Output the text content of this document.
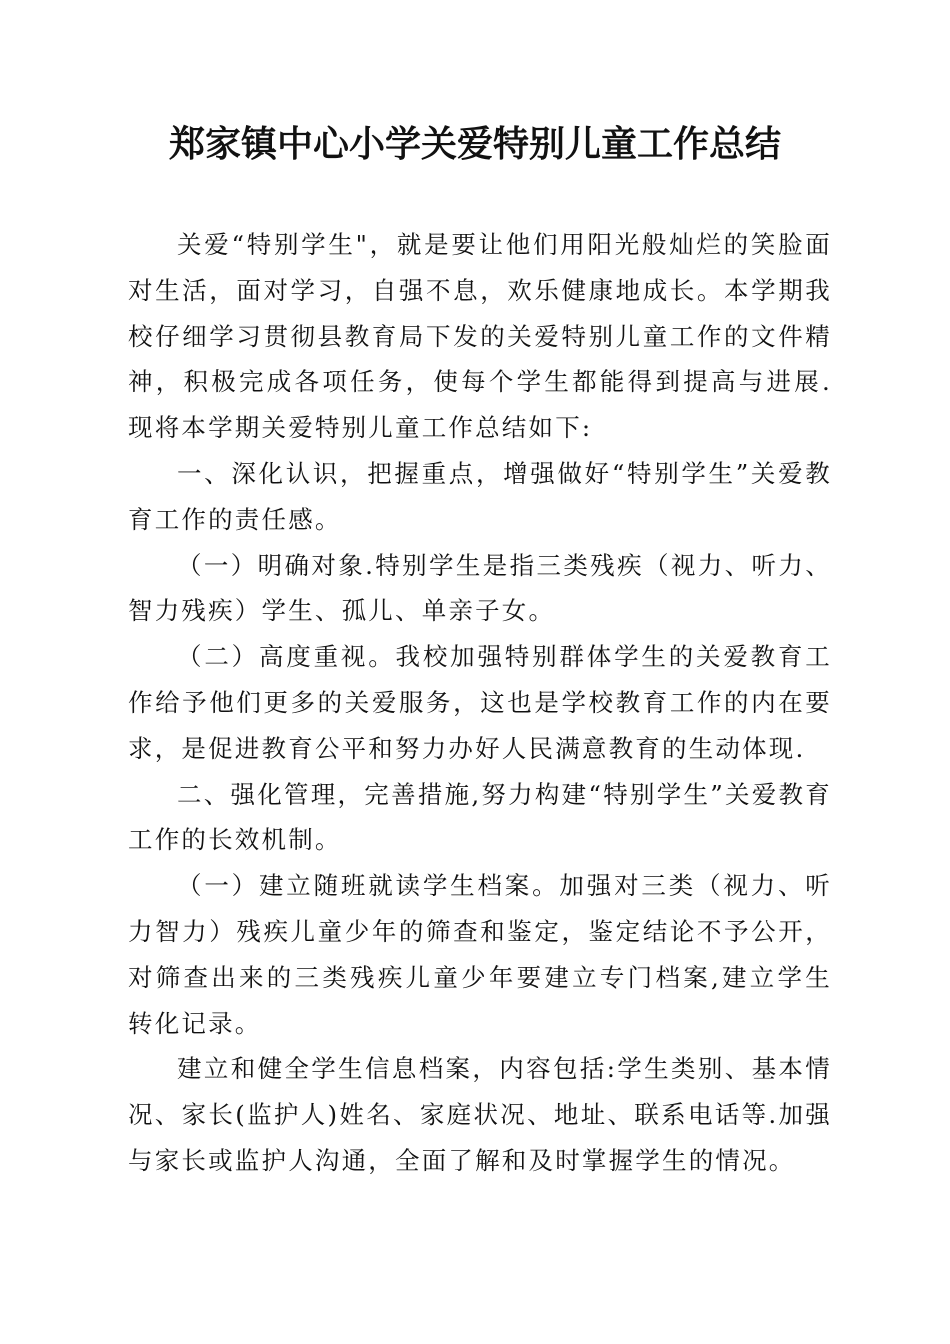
郑家镇中心小学关爱特别儿童工作总结

关爱“特别学生"，就是要让他们用阳光般灿烂的笑脸面对生活，面对学习，自强不息，欢乐健康地成长。本学期我校仔细学习贯彻县教育局下发的关爱特别儿童工作的文件精神，积极完成各项任务，使每个学生都能得到提高与进展.现将本学期关爱特别儿童工作总结如下:

一、深化认识，把握重点，增强做好“特别学生”关爱教育工作的责任感。

（一）明确对象.特别学生是指三类残疾（视力、听力、智力残疾）学生、孤儿、单亲子女。

（二）高度重视。我校加强特别群体学生的关爱教育工作给予他们更多的关爱服务，这也是学校教育工作的内在要求，是促进教育公平和努力办好人民满意教育的生动体现.

二、强化管理，完善措施,努力构建“特别学生”关爱教育工作的长效机制。

（一）建立随班就读学生档案。加强对三类（视力、听力智力）残疾儿童少年的筛查和鉴定，鉴定结论不予公开，对筛查出来的三类残疾儿童少年要建立专门档案,建立学生转化记录。

建立和健全学生信息档案，内容包括:学生类别、基本情况、家长(监护人)姓名、家庭状况、地址、联系电话等.加强与家长或监护人沟通，全面了解和及时掌握学生的情况。
